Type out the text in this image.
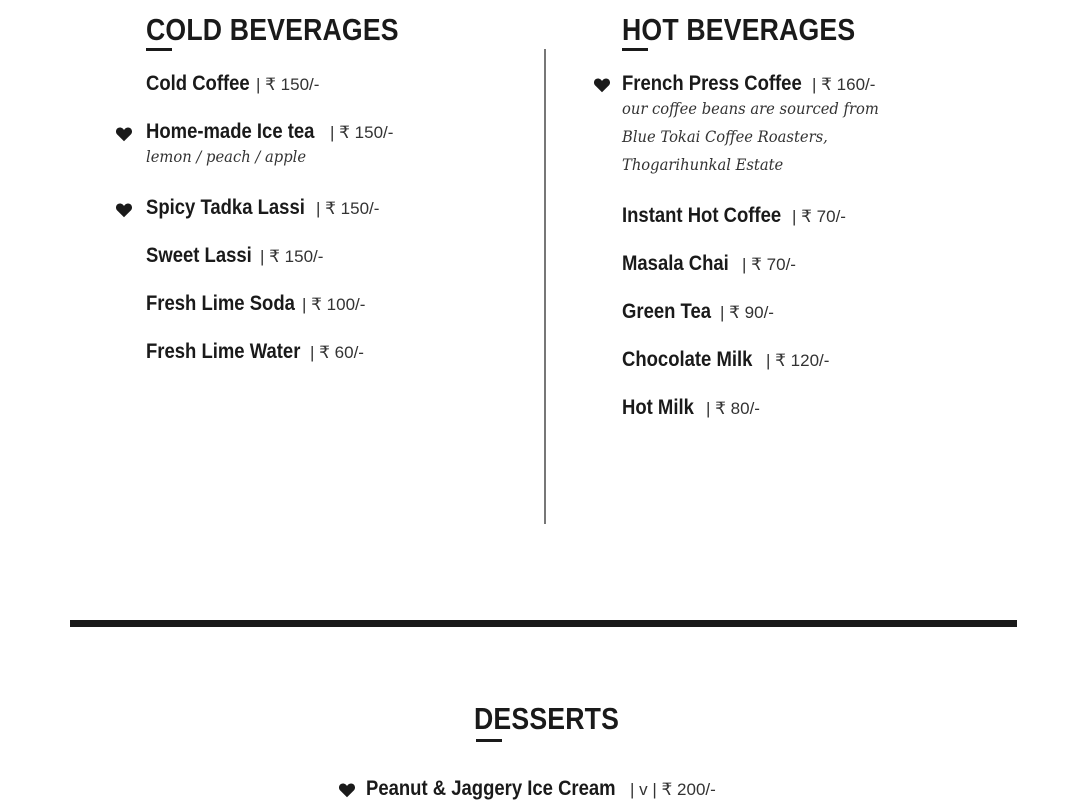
COLD BEVERAGES
Cold Coffee | ₹ 150/-
Home-made Ice tea | ₹ 150/-
lemon / peach / apple
Spicy Tadka Lassi | ₹ 150/-
Sweet Lassi | ₹ 150/-
Fresh Lime Soda | ₹ 100/-
Fresh Lime Water | ₹ 60/-
HOT BEVERAGES
French Press Coffee | ₹ 160/-
our coffee beans are sourced from
Blue Tokai Coffee Roasters,
Thogarihunkal Estate
Instant Hot Coffee | ₹ 70/-
Masala Chai | ₹ 70/-
Green Tea | ₹ 90/-
Chocolate Milk | ₹ 120/-
Hot Milk | ₹ 80/-
DESSERTS
Peanut & Jaggery Ice Cream | v | ₹ 200/-
